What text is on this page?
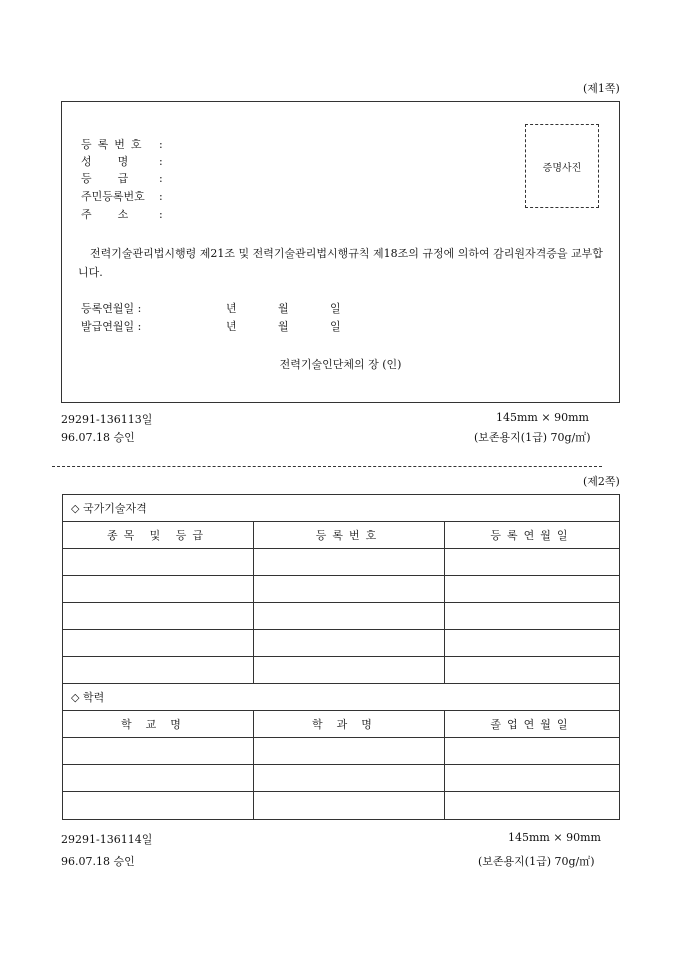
(제1쪽)
증명사진
등록번호 :
성명 :
등급 :
주민등록번호 :
주소 :
전력기술관리법시행령 제21조 및 전력기술관리법시행규칙 제18조의 규정에 의하여 감리원자격증을 교부합니다.
등록연월일 :	년	월	일
발급연월일 :	년	월	일
전력기술인단체의 장 (인)
29291-136113일
96.07.18 승인
145mm × 90mm
(보존용지(1급) 70g/㎡)
(제2쪽)
◇ 국가기술자격
종목 및 등급	등록번호	등록연월일
◇ 학력
학교명	학과명	졸업연월일
29291-136114일
96.07.18 승인
145mm × 90mm
(보존용지(1급) 70g/㎡)
